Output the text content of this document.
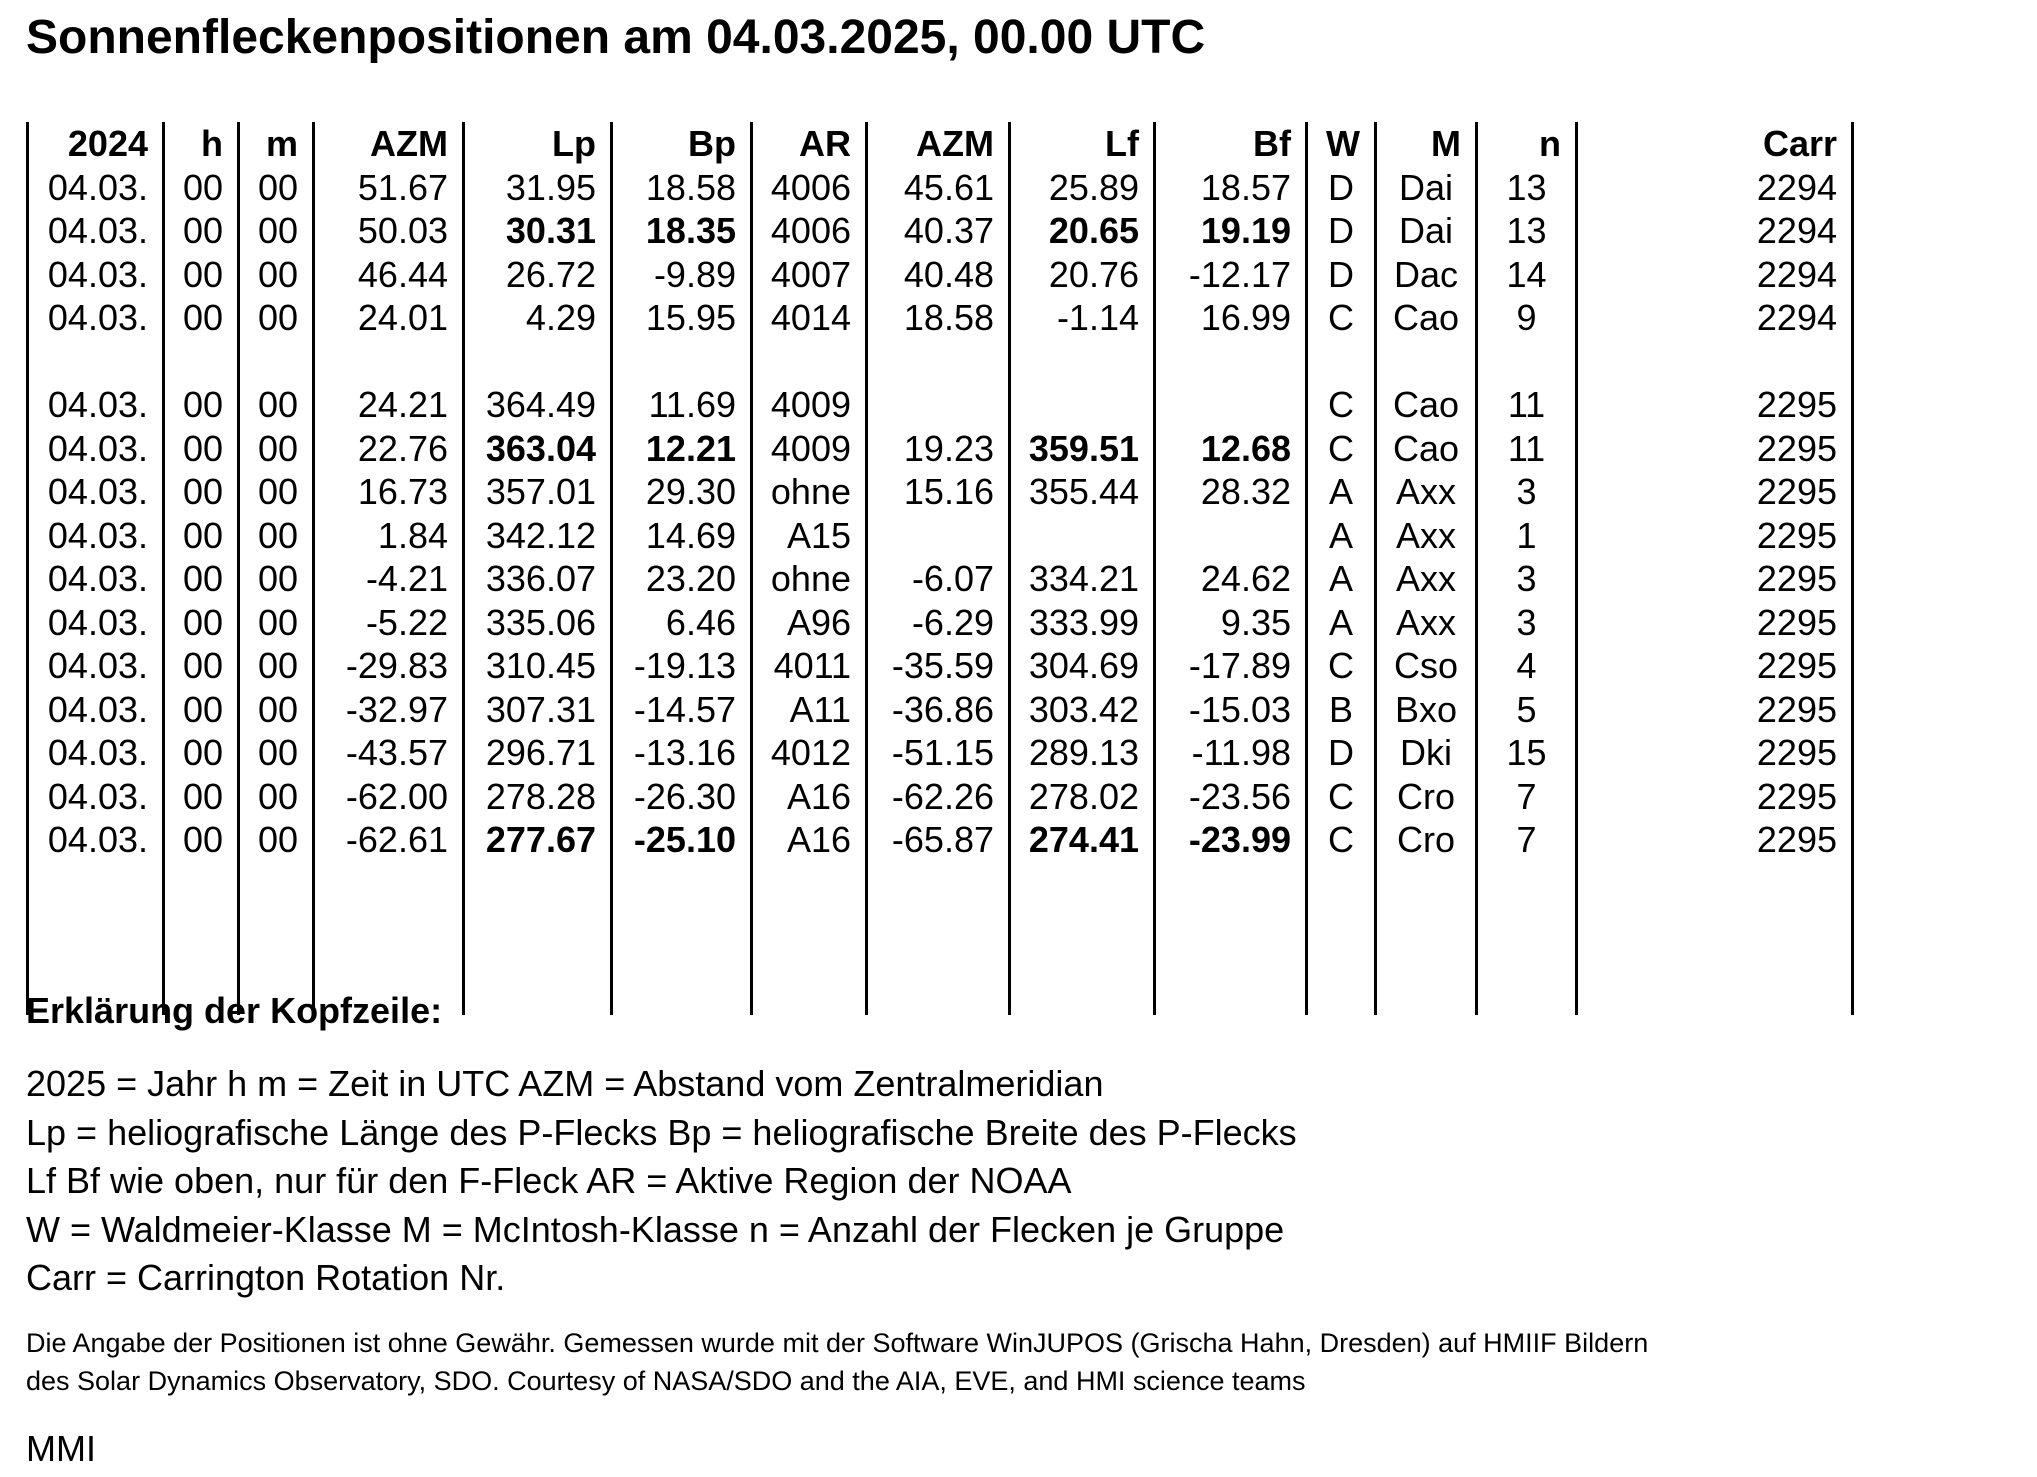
Sonnenfleckenpositionen am 04.03.2025, 00.00 UTC
2024	h	m	AZM	Lp	Bp	AR	AZM	Lf	Bf	W	M	n	Carr
04.03.	00	00	51.67	31.95	18.58	4006	45.61	25.89	18.57	D	Dai	13	2294
04.03.	00	00	50.03	30.31	18.35	4006	40.37	20.65	19.19	D	Dai	13	2294
04.03.	00	00	46.44	26.72	-9.89	4007	40.48	20.76	-12.17	D	Dac	14	2294
04.03.	00	00	24.01	4.29	15.95	4014	18.58	-1.14	16.99	C	Cao	9	2294

04.03.	00	00	24.21	364.49	11.69	4009				C	Cao	11	2295
04.03.	00	00	22.76	363.04	12.21	4009	19.23	359.51	12.68	C	Cao	11	2295
04.03.	00	00	16.73	357.01	29.30	ohne	15.16	355.44	28.32	A	Axx	3	2295
04.03.	00	00	1.84	342.12	14.69	A15				A	Axx	1	2295
04.03.	00	00	-4.21	336.07	23.20	ohne	-6.07	334.21	24.62	A	Axx	3	2295
04.03.	00	00	-5.22	335.06	6.46	A96	-6.29	333.99	9.35	A	Axx	3	2295
04.03.	00	00	-29.83	310.45	-19.13	4011	-35.59	304.69	-17.89	C	Cso	4	2295
04.03.	00	00	-32.97	307.31	-14.57	A11	-36.86	303.42	-15.03	B	Bxo	5	2295
04.03.	00	00	-43.57	296.71	-13.16	4012	-51.15	289.13	-11.98	D	Dki	15	2295
04.03.	00	00	-62.00	278.28	-26.30	A16	-62.26	278.02	-23.56	C	Cro	7	2295
04.03.	00	00	-62.61	277.67	-25.10	A16	-65.87	274.41	-23.99	C	Cro	7	2295

Erklärung der Kopfzeile:
2025 = Jahr h m = Zeit in UTC AZM = Abstand vom Zentralmeridian
Lp = heliografische Länge des P-Flecks Bp = heliografische Breite des P-Flecks
Lf Bf wie oben, nur für den F-Fleck AR = Aktive Region der NOAA
W = Waldmeier-Klasse M = McIntosh-Klasse n = Anzahl der Flecken je Gruppe
Carr = Carrington Rotation Nr.
Die Angabe der Positionen ist ohne Gewähr. Gemessen wurde mit der Software WinJUPOS (Grischa Hahn, Dresden) auf HMIIF Bildern
des Solar Dynamics Observatory, SDO. Courtesy of NASA/SDO and the AIA, EVE, and HMI science teams
MMI
